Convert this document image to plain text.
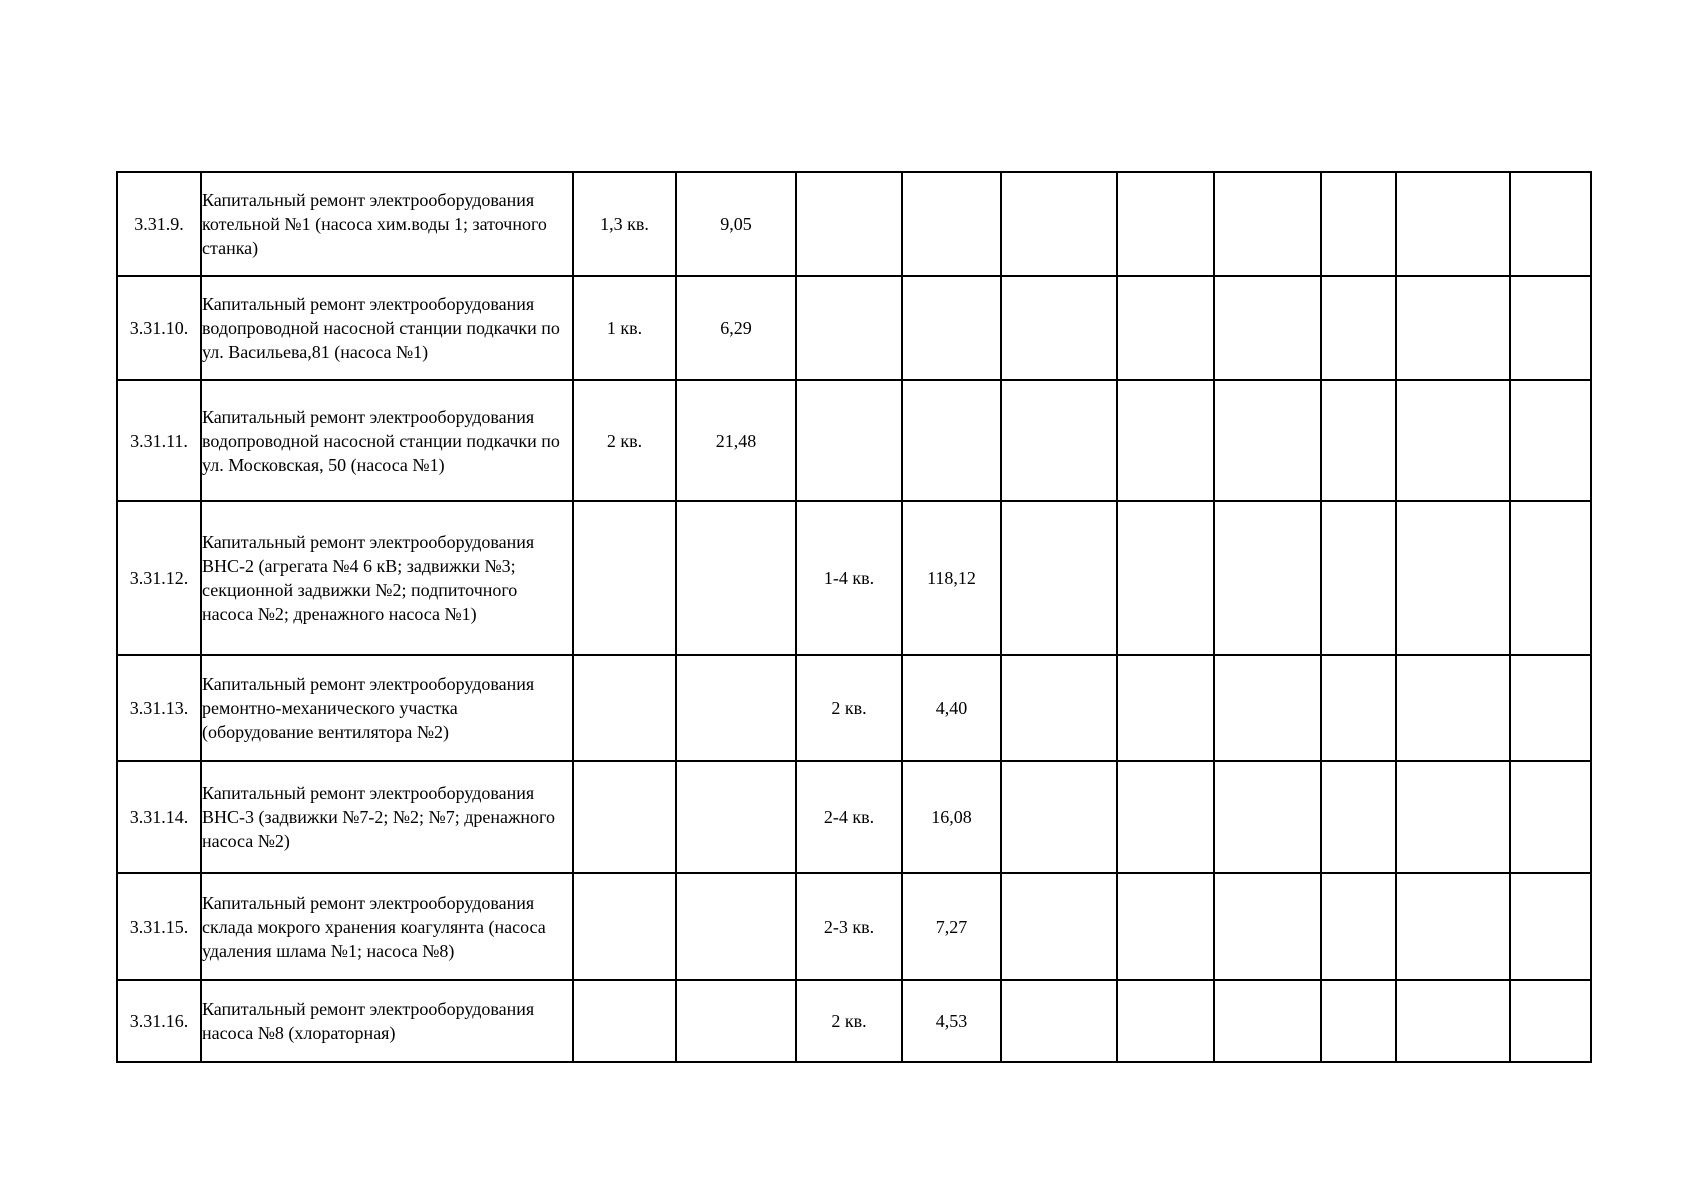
3.31.9.	Капитальный ремонт электрооборудования котельной №1 (насоса хим.воды 1; заточного станка)	1,3 кв.	9,05								
3.31.10.	Капитальный ремонт электрооборудования водопроводной насосной станции подкачки по ул. Васильева,81 (насоса №1)	1 кв.	6,29								
3.31.11.	Капитальный ремонт электрооборудования водопроводной насосной станции подкачки по ул. Московская, 50 (насоса №1)	2 кв.	21,48								
3.31.12.	Капитальный ремонт электрооборудования ВНС-2 (агрегата №4 6 кВ; задвижки №3; секционной задвижки №2; подпиточного насоса №2; дренажного насоса №1)			1-4 кв.	118,12						
3.31.13.	Капитальный ремонт электрооборудования ремонтно-механического участка (оборудование вентилятора №2)			2 кв.	4,40						
3.31.14.	Капитальный ремонт электрооборудования ВНС-3 (задвижки №7-2; №2; №7; дренажного насоса №2)			2-4 кв.	16,08						
3.31.15.	Капитальный ремонт электрооборудования склада мокрого хранения коагулянта (насоса удаления шлама №1; насоса №8)			2-3 кв.	7,27						
3.31.16.	Капитальный ремонт электрооборудования насоса №8 (хлораторная)			2 кв.	4,53						
